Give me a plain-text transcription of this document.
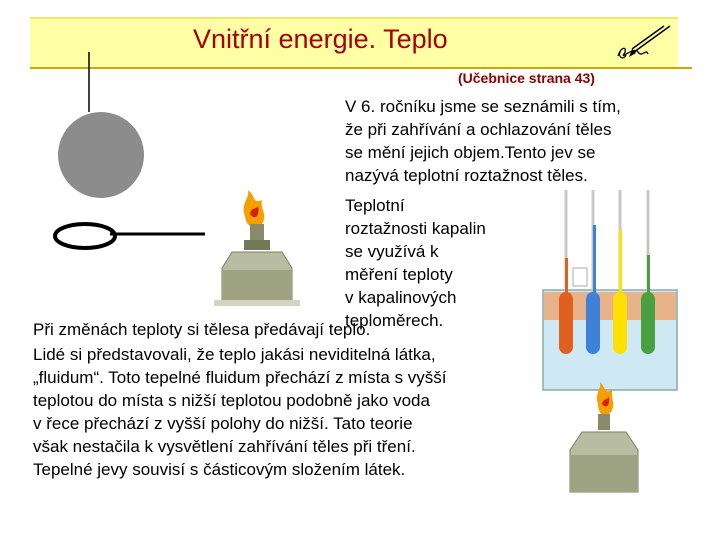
Vnitřní energie. Teplo
(Učebnice strana 43)

V 6. ročníku jsme se seznámili s tím,
že při zahřívání a ochlazování těles
se mění jejich objem.Tento jev se
nazývá teplotní roztažnost těles.

Teplotní
roztažnosti kapalin
se využívá k
měření teploty
v kapalinových
teploměrech.

Při změnách teploty si tělesa předávají teplo.

Lidé si představovali, že teplo jakási neviditelná látka,
„fluidum“. Toto tepelné fluidum přechází z místa s vyšší
teplotou do místa s nižší teplotou podobně jako voda
v řece přechází z vyšší polohy do nižší. Tato teorie
však nestačila k vysvětlení zahřívání těles při tření.
Tepelné jevy souvisí s částicovým složením látek.
